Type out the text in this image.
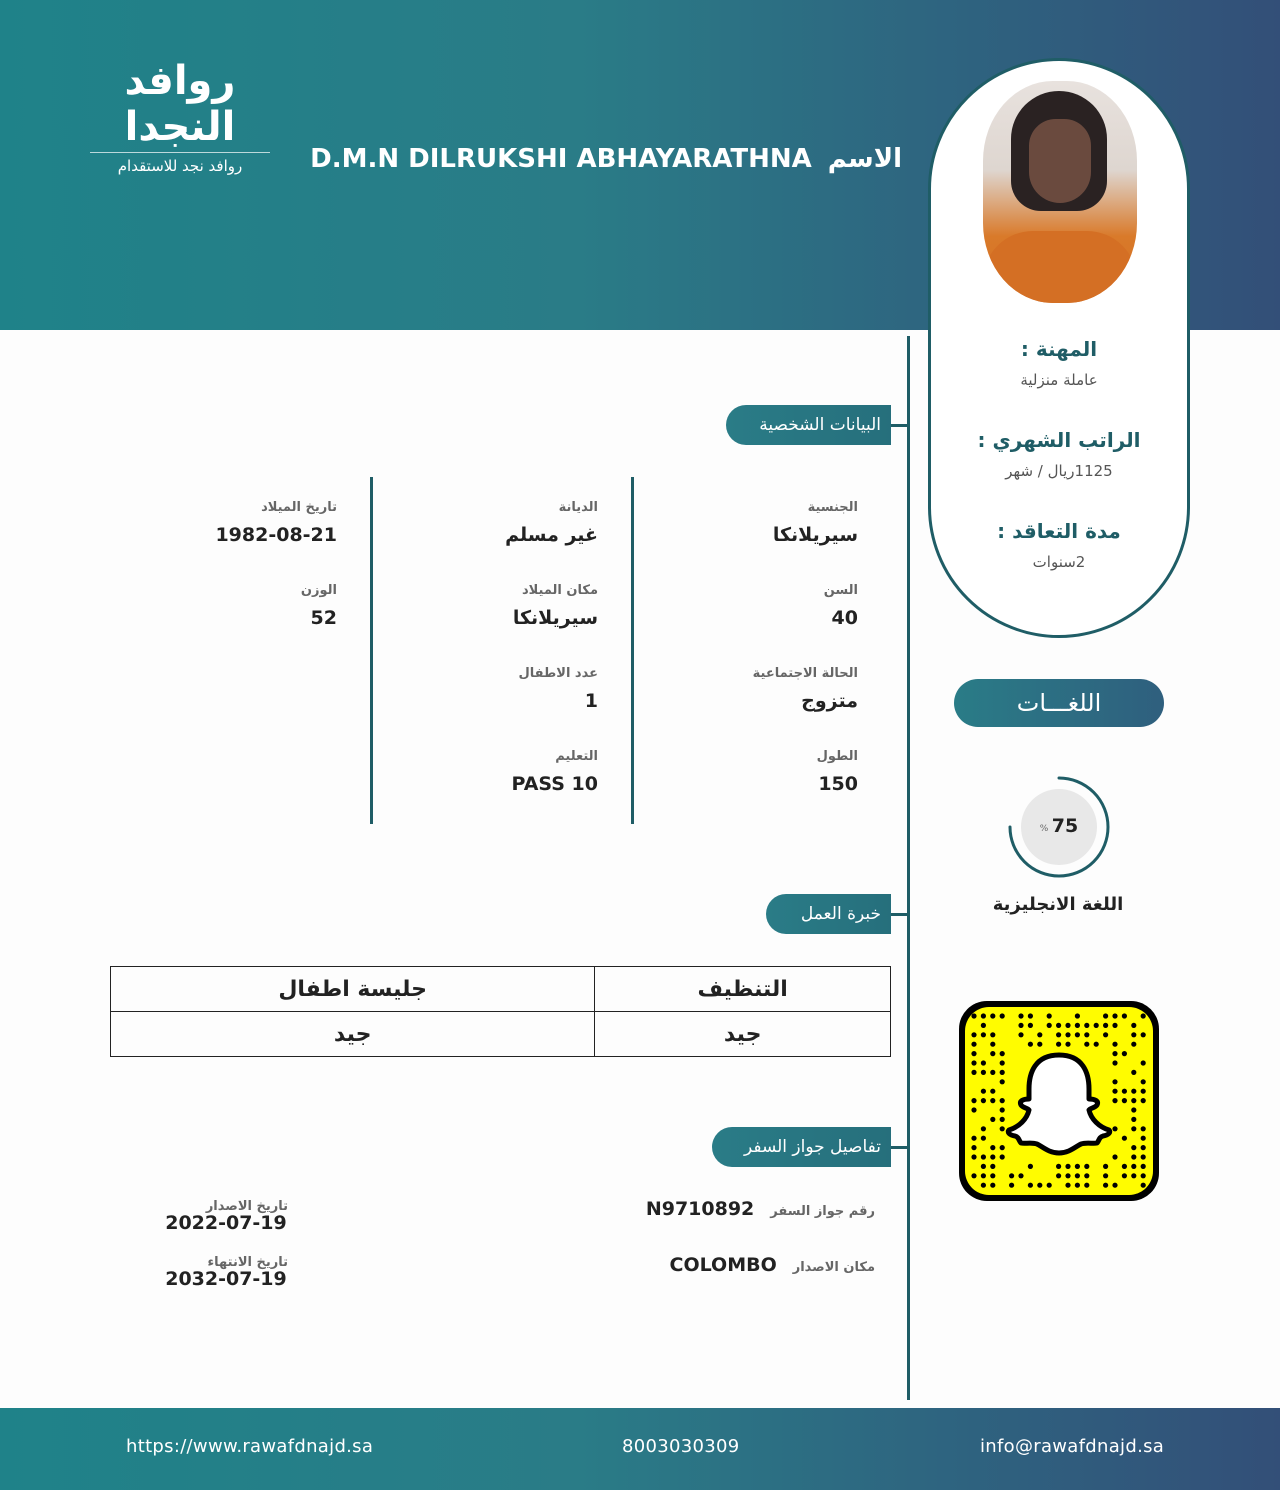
روافد النجدا
روافد نجد للاستقدام	الاسمD.M.N DILRUKSHI ABHAYARATHNA
المهنة :
عاملة منزلية
الراتب الشهري :
1125ريال / شهر
مدة التعاقد :
2سنوات
اللغـــات
75
%
اللغة الانجليزية
البيانات الشخصية
الجنسية
سيريلانكا
السن
40
الحالة الاجتماعية
متزوج
الطول
150
الديانة
غير مسلم
مكان الميلاد
سيريلانكا
عدد الاطفال
1
التعليم
PASS 10
تاريخ الميلاد
1982-08-21
الوزن
52
خبرة العمل
جليسة اطفال	التنظيف
جيد	جيد
تفاصيل جواز السفر
رقم جواز السفرN9710892
مكان الاصدارCOLOMBO
تاريخ الاصدار
2022-07-19
تاريخ الانتهاء
2032-07-19
https://www.rawafdnajd.sa	8003030309	info@rawafdnajd.sa
